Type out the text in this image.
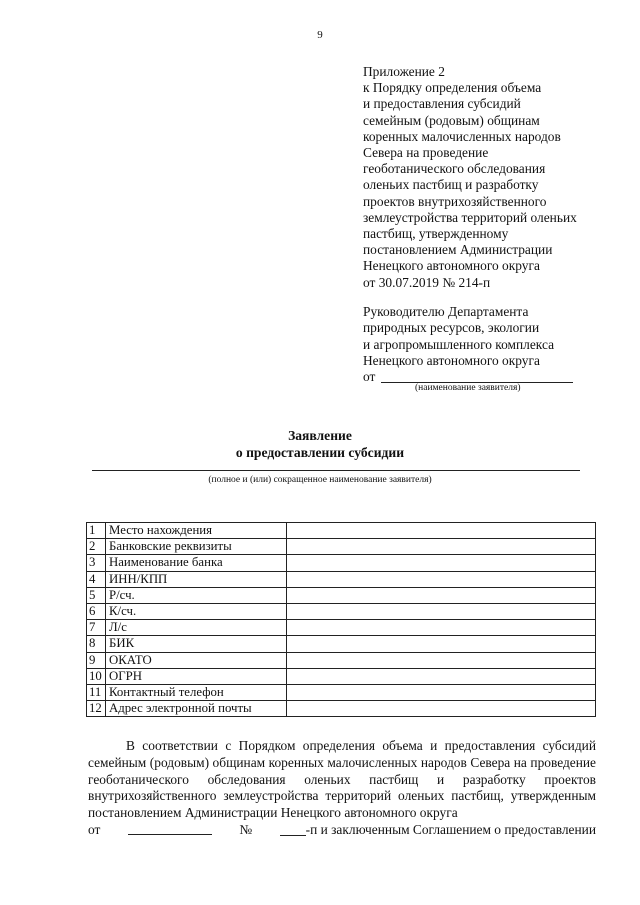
9
Приложение 2
к Порядку определения объема
и предоставления субсидий
семейным (родовым) общинам
коренных малочисленных народов
Севера на проведение
геоботанического обследования
оленьих пастбищ и разработку
проектов внутрихозяйственного
землеустройства территорий оленьих
пастбищ, утвержденному
постановлением Администрации
Ненецкого автономного округа
от 30.07.2019 № 214-п
Руководителю Департамента
природных ресурсов, экологии
и агропромышленного комплекса
Ненецкого автономного округа
от
(наименование заявителя)
Заявление
о предоставлении субсидии
(полное и (или) сокращенное наименование заявителя)
1	Место нахождения	
2	Банковские реквизиты	
3	Наименование банка	
4	ИНН/КПП	
5	Р/сч.	
6	К/сч.	
7	Л/с	
8	БИК	
9	ОКАТО	
10	ОГРН	
11	Контактный телефон	
12	Адрес электронной почты	

В соответствии с Порядком определения объема и предоставления субсидий семейным (родовым) общинам коренных малочисленных народов Севера на проведение геоботанического обследования оленьих пастбищ и разработку проектов внутрихозяйственного землеустройства территорий оленьих пастбищ, утвержденным постановлением Администрации Ненецкого автономного округа

от	№	-п и заключенным Соглашением о предоставлении
